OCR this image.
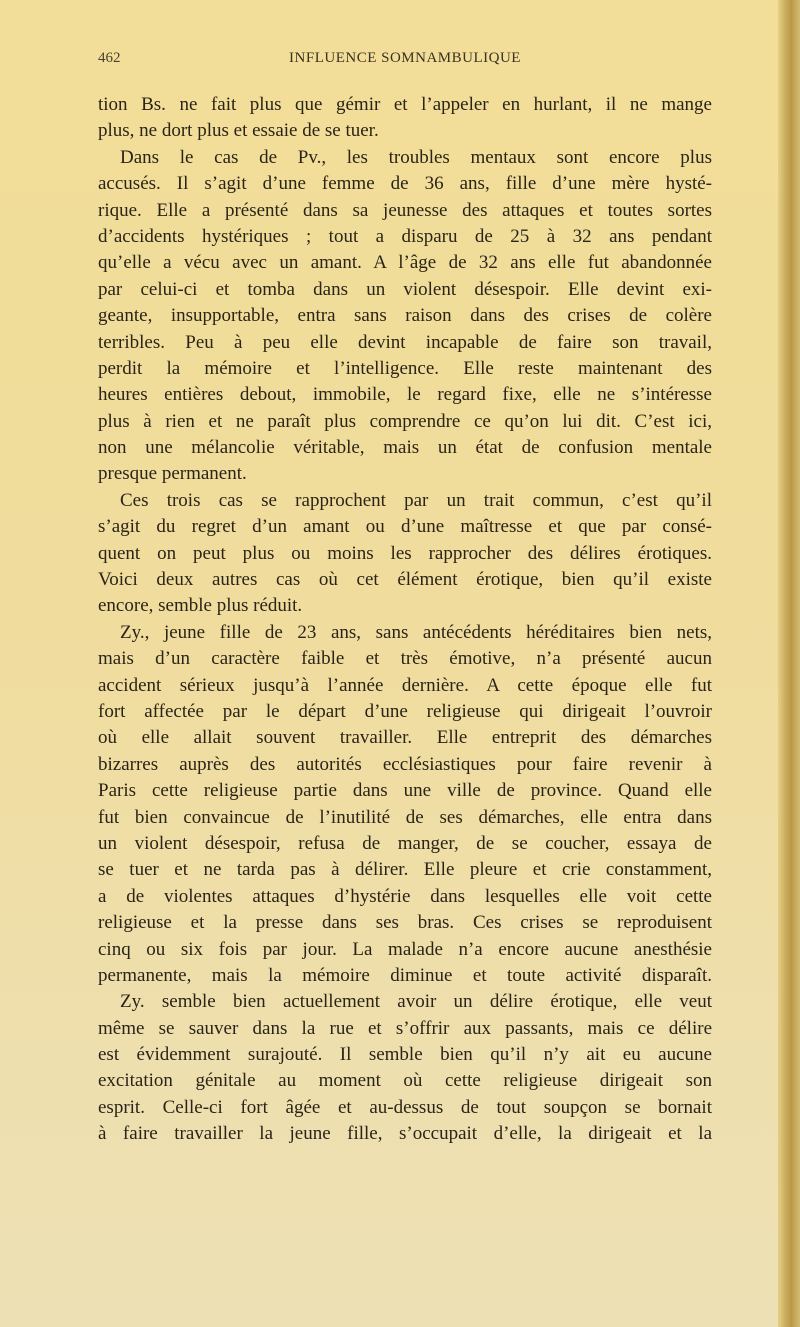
462	INFLUENCE SOMNAMBULIQUE
tion Bs. ne fait plus que gémir et l’appeler en hurlant, il ne mange
plus, ne dort plus et essaie de se tuer.
Dans le cas de Pv., les troubles mentaux sont encore plus
accusés. Il s’agit d’une femme de 36 ans, fille d’une mère hysté-
rique. Elle a présenté dans sa jeunesse des attaques et toutes sortes
d’accidents hystériques ; tout a disparu de 25 à 32 ans pendant
qu’elle a vécu avec un amant. A l’âge de 32 ans elle fut abandonnée
par celui-ci et tomba dans un violent désespoir. Elle devint exi-
geante, insupportable, entra sans raison dans des crises de colère
terribles. Peu à peu elle devint incapable de faire son travail,
perdit la mémoire et l’intelligence. Elle reste maintenant des
heures entières debout, immobile, le regard fixe, elle ne s’intéresse
plus à rien et ne paraît plus comprendre ce qu’on lui dit. C’est ici,
non une mélancolie véritable, mais un état de confusion mentale
presque permanent.
Ces trois cas se rapprochent par un trait commun, c’est qu’il
s’agit du regret d’un amant ou d’une maîtresse et que par consé-
quent on peut plus ou moins les rapprocher des délires érotiques.
Voici deux autres cas où cet élément érotique, bien qu’il existe
encore, semble plus réduit.
Zy., jeune fille de 23 ans, sans antécédents héréditaires bien nets,
mais d’un caractère faible et très émotive, n’a présenté aucun
accident sérieux jusqu’à l’année dernière. A cette époque elle fut
fort affectée par le départ d’une religieuse qui dirigeait l’ouvroir
où elle allait souvent travailler. Elle entreprit des démarches
bizarres auprès des autorités ecclésiastiques pour faire revenir à
Paris cette religieuse partie dans une ville de province. Quand elle
fut bien convaincue de l’inutilité de ses démarches, elle entra dans
un violent désespoir, refusa de manger, de se coucher, essaya de
se tuer et ne tarda pas à délirer. Elle pleure et crie constamment,
a de violentes attaques d’hystérie dans lesquelles elle voit cette
religieuse et la presse dans ses bras. Ces crises se reproduisent
cinq ou six fois par jour. La malade n’a encore aucune anesthésie
permanente, mais la mémoire diminue et toute activité disparaît.
Zy. semble bien actuellement avoir un délire érotique, elle veut
même se sauver dans la rue et s’offrir aux passants, mais ce délire
est évidemment surajouté. Il semble bien qu’il n’y ait eu aucune
excitation génitale au moment où cette religieuse dirigeait son
esprit. Celle-ci fort âgée et au-dessus de tout soupçon se bornait
à faire travailler la jeune fille, s’occupait d’elle, la dirigeait et la
